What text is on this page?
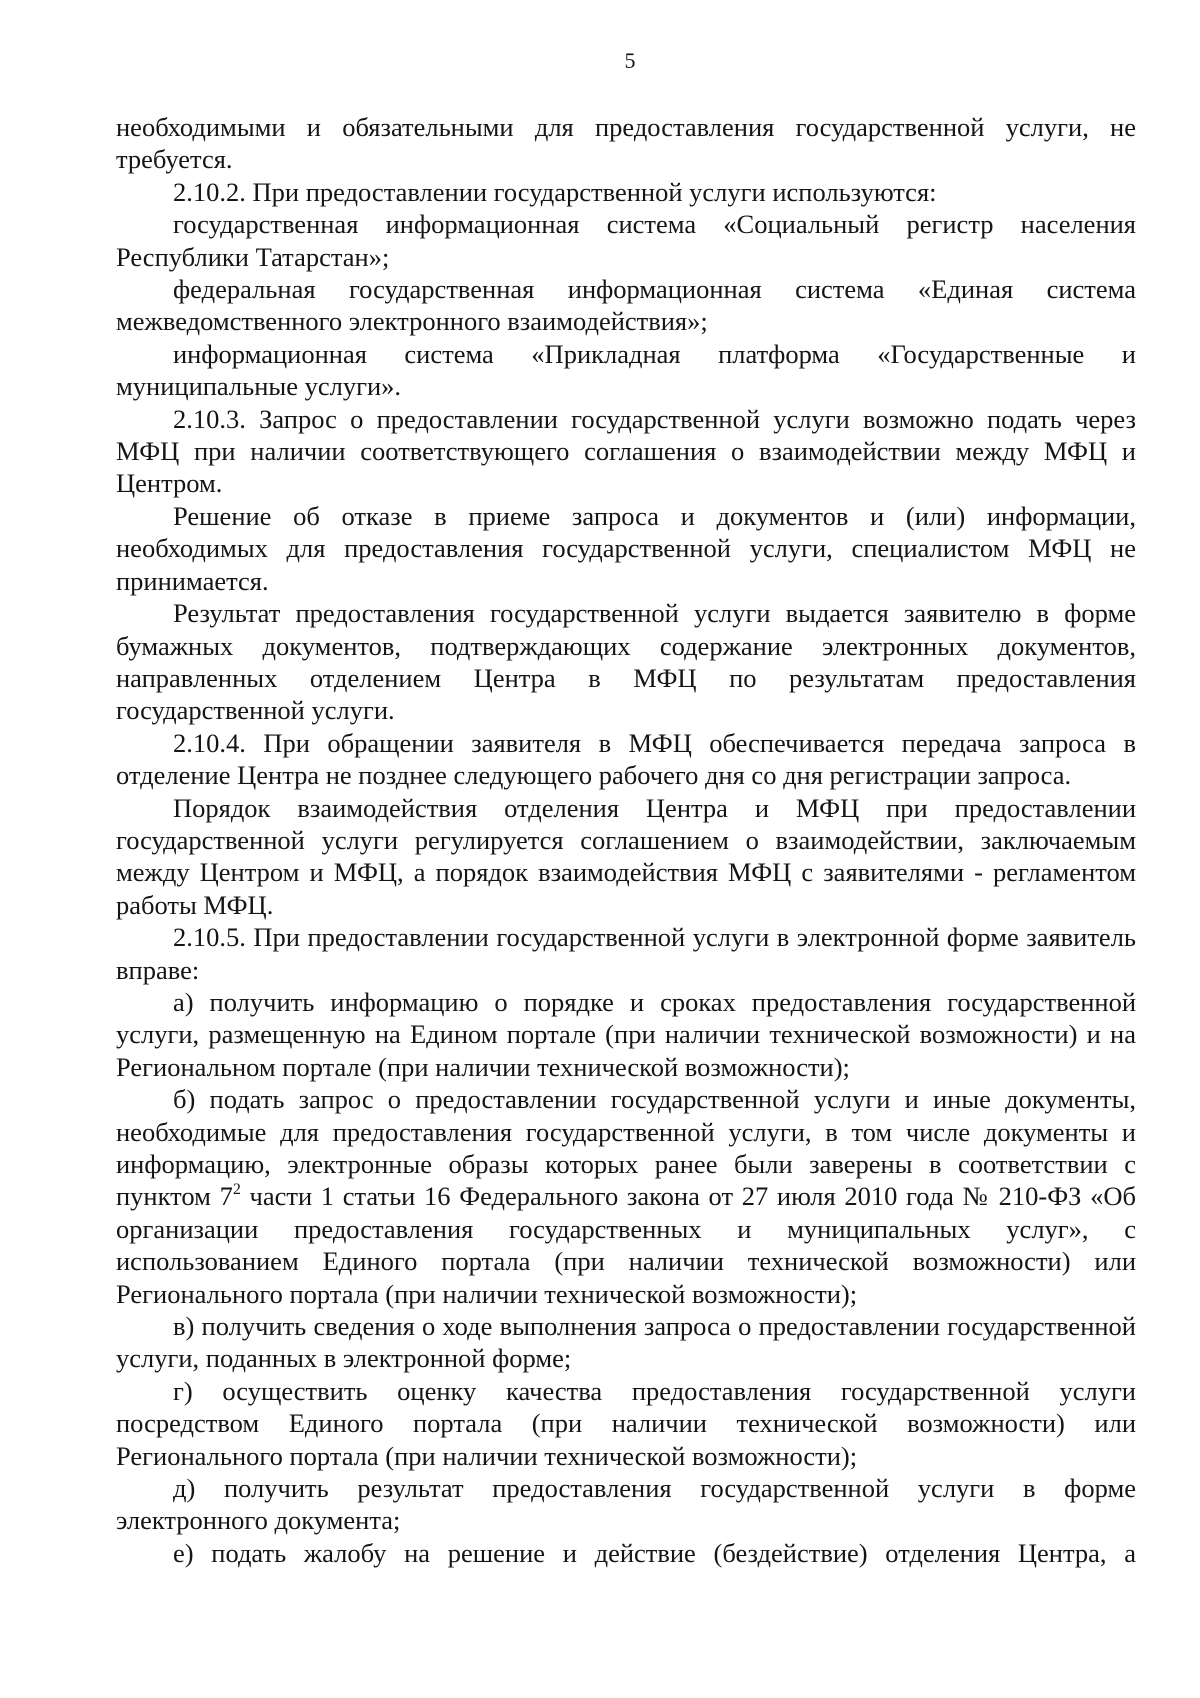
5

необходимыми и обязательными для предоставления государственной услуги, не требуется.

2.10.2. При предоставлении государственной услуги используются:

государственная информационная система «Социальный регистр населения Республики Татарстан»;

федеральная государственная информационная система «Единая система межведомственного электронного взаимодействия»;

информационная система «Прикладная платформа «Государственные и муниципальные услуги».

2.10.3. Запрос о предоставлении государственной услуги возможно подать через МФЦ при наличии соответствующего соглашения о взаимодействии между МФЦ и Центром.

Решение об отказе в приеме запроса и документов и (или) информации, необходимых для предоставления государственной услуги, специалистом МФЦ не принимается.

Результат предоставления государственной услуги выдается заявителю в форме бумажных документов, подтверждающих содержание электронных документов, направленных отделением Центра в МФЦ по результатам предоставления государственной услуги.

2.10.4. При обращении заявителя в МФЦ обеспечивается передача запроса в отделение Центра не позднее следующего рабочего дня со дня регистрации запроса.

Порядок взаимодействия отделения Центра и МФЦ при предоставлении государственной услуги регулируется соглашением о взаимодействии, заключаемым между Центром и МФЦ, а порядок взаимодействия МФЦ с заявителями - регламентом работы МФЦ.

2.10.5. При предоставлении государственной услуги в электронной форме заявитель вправе:

а) получить информацию о порядке и сроках предоставления государственной услуги, размещенную на Едином портале (при наличии технической возможности) и на Региональном портале (при наличии технической возможности);

б) подать запрос о предоставлении государственной услуги и иные документы, необходимые для предоставления государственной услуги, в том числе документы и информацию, электронные образы которых ранее были заверены в соответствии с пунктом $7^2$ части 1 статьи 16 Федерального закона от 27 июля 2010 года № 210-ФЗ «Об организации предоставления государственных и муниципальных услуг», с использованием Единого портала (при наличии технической возможности) или Регионального портала (при наличии технической возможности);

в) получить сведения о ходе выполнения запроса о предоставлении государственной услуги, поданных в электронной форме;

г) осуществить оценку качества предоставления государственной услуги посредством Единого портала (при наличии технической возможности) или Регионального портала (при наличии технической возможности);

д) получить результат предоставления государственной услуги в форме электронного документа;

е) подать жалобу на решение и действие (бездействие) отделения Центра, а
